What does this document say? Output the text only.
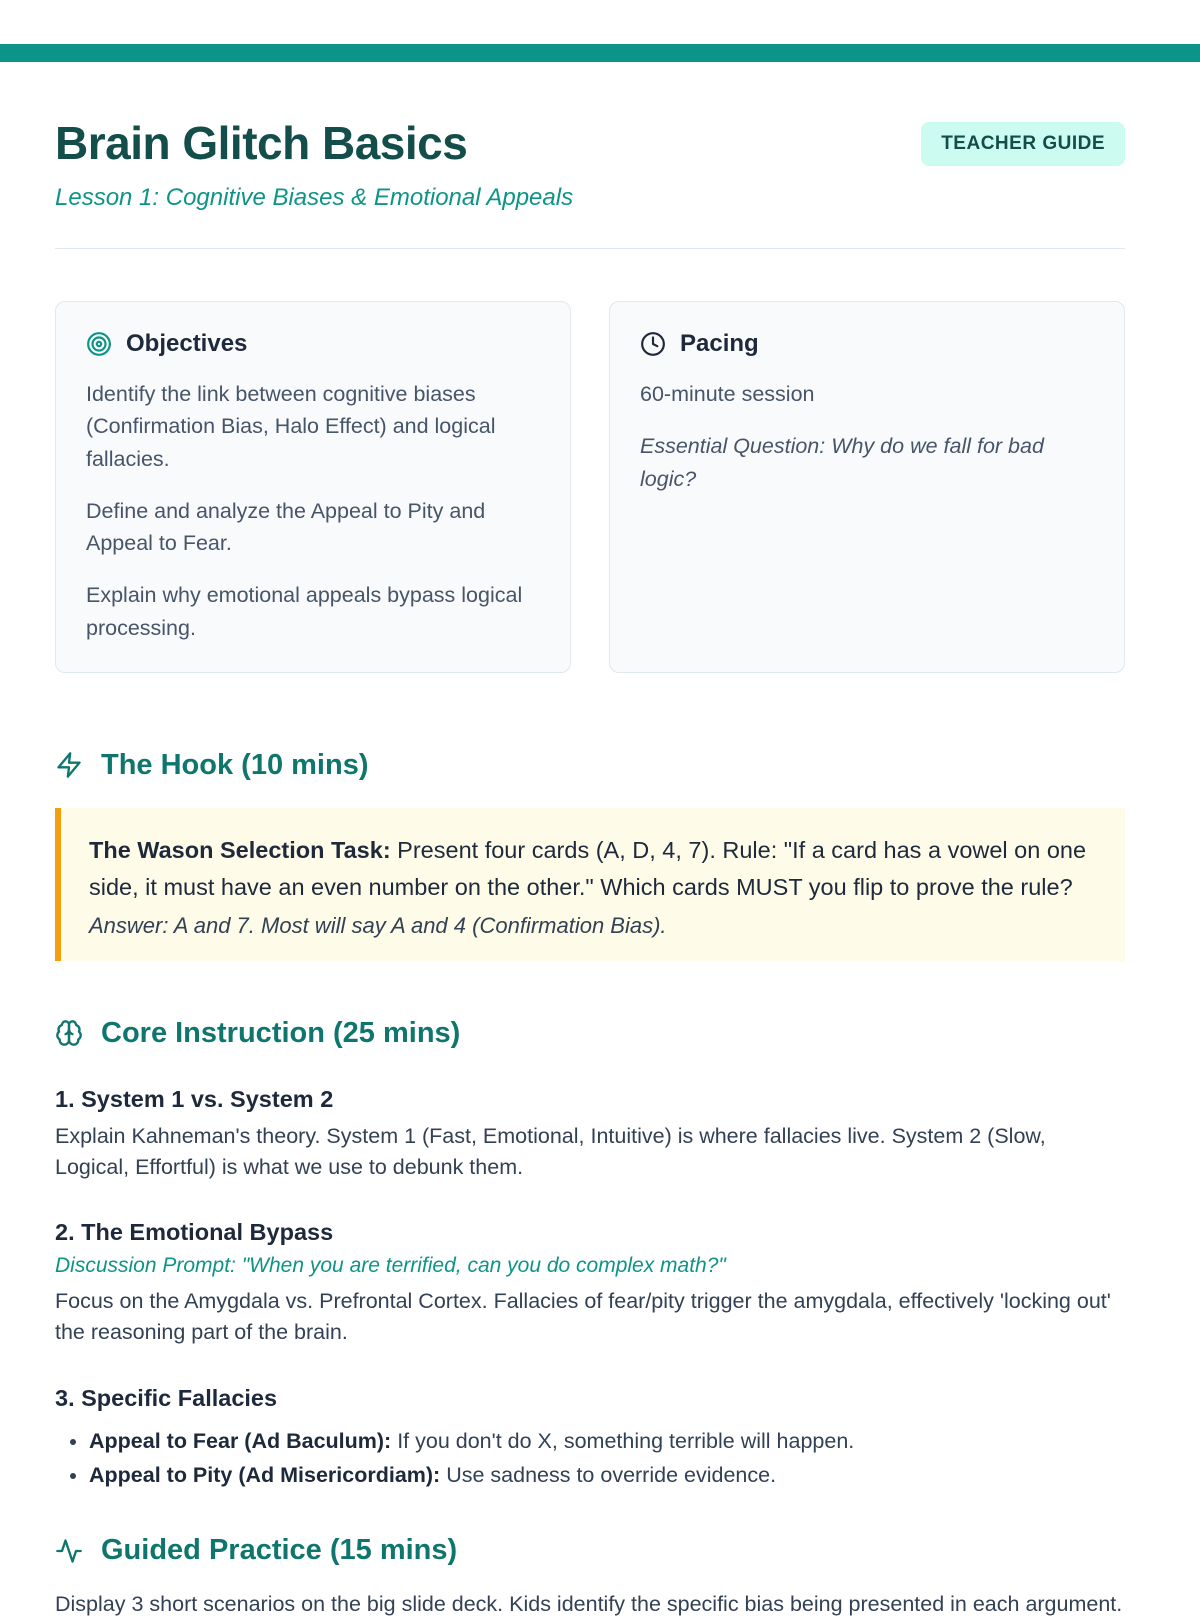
Brain Glitch Basics	TEACHER GUIDE

Lesson 1: Cognitive Biases & Emotional Appeals

Objectives

Identify the link between cognitive biases (Confirmation Bias, Halo Effect) and logical fallacies.

Define and analyze the Appeal to Pity and Appeal to Fear.

Explain why emotional appeals bypass logical processing.

Pacing

60-minute session

Essential Question: Why do we fall for bad logic?

The Hook (10 mins)

The Wason Selection Task: Present four cards (A, D, 4, 7). Rule: "If a card has a vowel on one side, it must have an even number on the other." Which cards MUST you flip to prove the rule?

Answer: A and 7. Most will say A and 4 (Confirmation Bias).

Core Instruction (25 mins)
1. System 1 vs. System 2

Explain Kahneman's theory. System 1 (Fast, Emotional, Intuitive) is where fallacies live. System 2 (Slow, Logical, Effortful) is what we use to debunk them.

2. The Emotional Bypass

Discussion Prompt: "When you are terrified, can you do complex math?"

Focus on the Amygdala vs. Prefrontal Cortex. Fallacies of fear/pity trigger the amygdala, effectively 'locking out' the reasoning part of the brain.

3. Specific Fallacies
• Appeal to Fear (Ad Baculum): If you don't do X, something terrible will happen.
• Appeal to Pity (Ad Misericordiam): Use sadness to override evidence.
Guided Practice (15 mins)

Display 3 short scenarios on the big slide deck. Kids identify the specific bias being presented in each argument.
